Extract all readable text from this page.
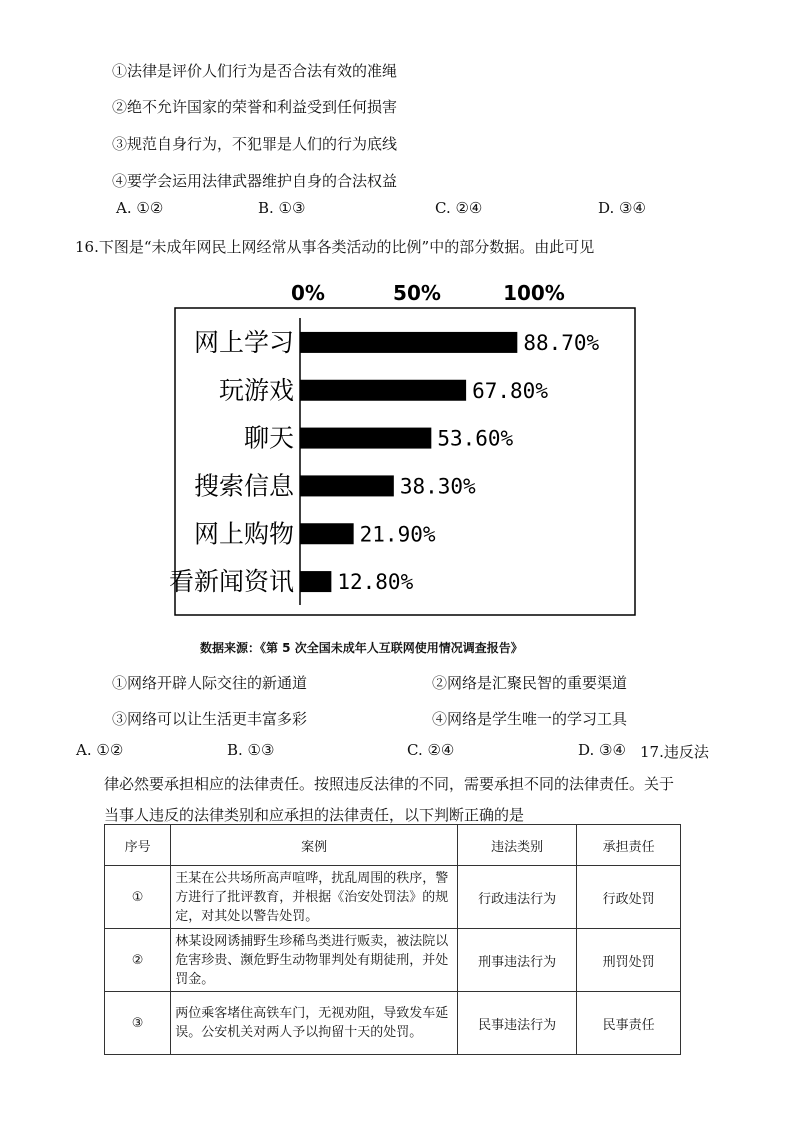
①法律是评价人们行为是否合法有效的准绳
②绝不允许国家的荣誉和利益受到任何损害
③规范自身行为，不犯罪是人们的行为底线
④要学会运用法律武器维护自身的合法权益
A. ①②	B. ①③	C. ②④	D. ③④
16.下图是“未成年网民上网经常从事各类活动的比例”中的部分数据。由此可见
0%	50%	100%
网上学习	88.70%
玩游戏	67.80%
聊天	53.60%
搜索信息	38.30%
网上购物	21.90%
看新闻资讯 12.80%
数据来源：《第 5 次全国未成年人互联网使用情况调查报告》
①网络开辟人际交往的新通道	②网络是汇聚民智的重要渠道
③网络可以让生活更丰富多彩	④网络是学生唯一的学习工具
A. ①②	B. ①③	C. ②④	D. ③④ 17.违反法
律必然要承担相应的法律责任。按照违反法律的不同，需要承担不同的法律责任。关于
当事人违反的法律类别和应承担的法律责任，以下判断正确的是
序号	案例	违法类别	承担责任
①	王某在公共场所高声喧哗，扰乱周围的秩序，警方进行了批评教育，并根据《治安处罚法》的规定，对其处以警告处罚。	行政违法行为	行政处罚
②	林某设网诱捕野生珍稀鸟类进行贩卖，被法院以危害珍贵、濒危野生动物罪判处有期徒刑，并处罚金。	刑事违法行为	刑罚处罚
③	两位乘客堵住高铁车门，无视劝阻，导致发车延误。公安机关对两人予以拘留十天的处罚。	民事违法行为	民事责任
